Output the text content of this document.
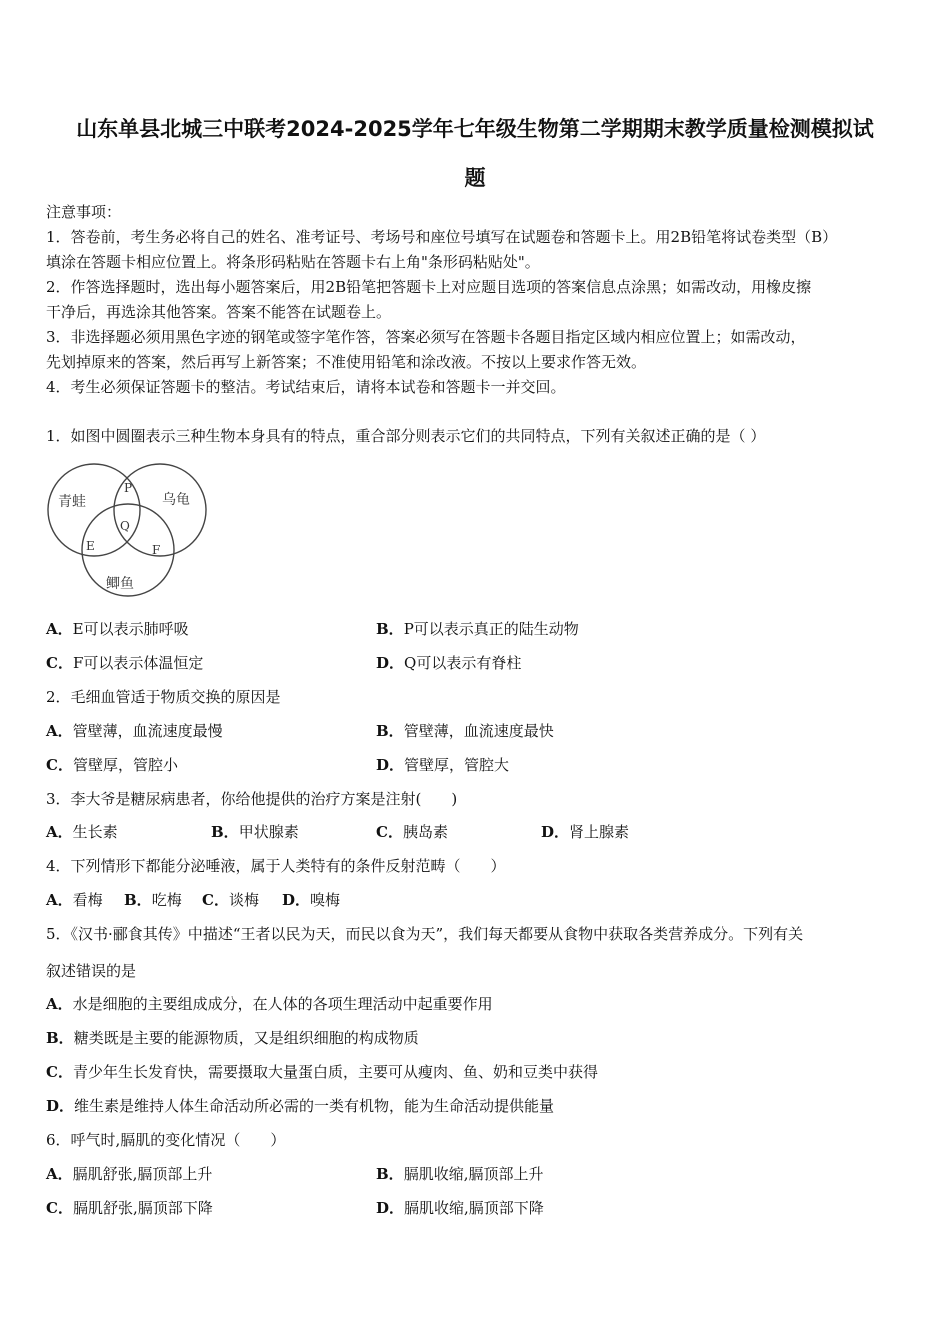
山东单县北城三中联考2024-2025学年七年级生物第二学期期末教学质量检测模拟试
题
注意事项：
1．答卷前，考生务必将自己的姓名、准考证号、考场号和座位号填写在试题卷和答题卡上。用2B铅笔将试卷类型（B）
填涂在答题卡相应位置上。将条形码粘贴在答题卡右上角"条形码粘贴处"。
2．作答选择题时，选出每小题答案后，用2B铅笔把答题卡上对应题目选项的答案信息点涂黑；如需改动，用橡皮擦
干净后，再选涂其他答案。答案不能答在试题卷上。
3．非选择题必须用黑色字迹的钢笔或签字笔作答，答案必须写在答题卡各题目指定区域内相应位置上；如需改动，
先划掉原来的答案，然后再写上新答案；不准使用铅笔和涂改液。不按以上要求作答无效。
4．考生必须保证答题卡的整洁。考试结束后，请将本试卷和答题卡一并交回。
1．如图中圆圈表示三种生物本身具有的特点，重合部分则表示它们的共同特点，下列有关叙述正确的是（ ）
青蛙	乌龟
鲫鱼
P
Q
E	F
A．E可以表示肺呼吸	B．P可以表示真正的陆生动物
C．F可以表示体温恒定	D．Q可以表示有脊柱
2．毛细血管适于物质交换的原因是
A．管壁薄，血流速度最慢	B．管壁薄，血流速度最快
C．管壁厚，管腔小	D．管壁厚，管腔大
3．李大爷是糖尿病患者，你给他提供的治疗方案是注射(　　)
A．生长素	B．甲状腺素	C．胰岛素	D．肾上腺素
4．下列情形下都能分泌唾液，属于人类特有的条件反射范畴（　　）
A．看梅 B．吃梅 C．谈梅 D．嗅梅
5．《汉书·郦食其传》中描述“王者以民为天，而民以食为天”，我们每天都要从食物中获取各类营养成分。下列有关
叙述错误的是
A．水是细胞的主要组成成分，在人体的各项生理活动中起重要作用
B．糖类既是主要的能源物质，又是组织细胞的构成物质
C．青少年生长发育快，需要摄取大量蛋白质，主要可从瘦肉、鱼、奶和豆类中获得
D．维生素是维持人体生命活动所必需的一类有机物，能为生命活动提供能量
6．呼气时,膈肌的变化情况（　　）
A．膈肌舒张,膈顶部上升	B．膈肌收缩,膈顶部上升
C．膈肌舒张,膈顶部下降	D．膈肌收缩,膈顶部下降
